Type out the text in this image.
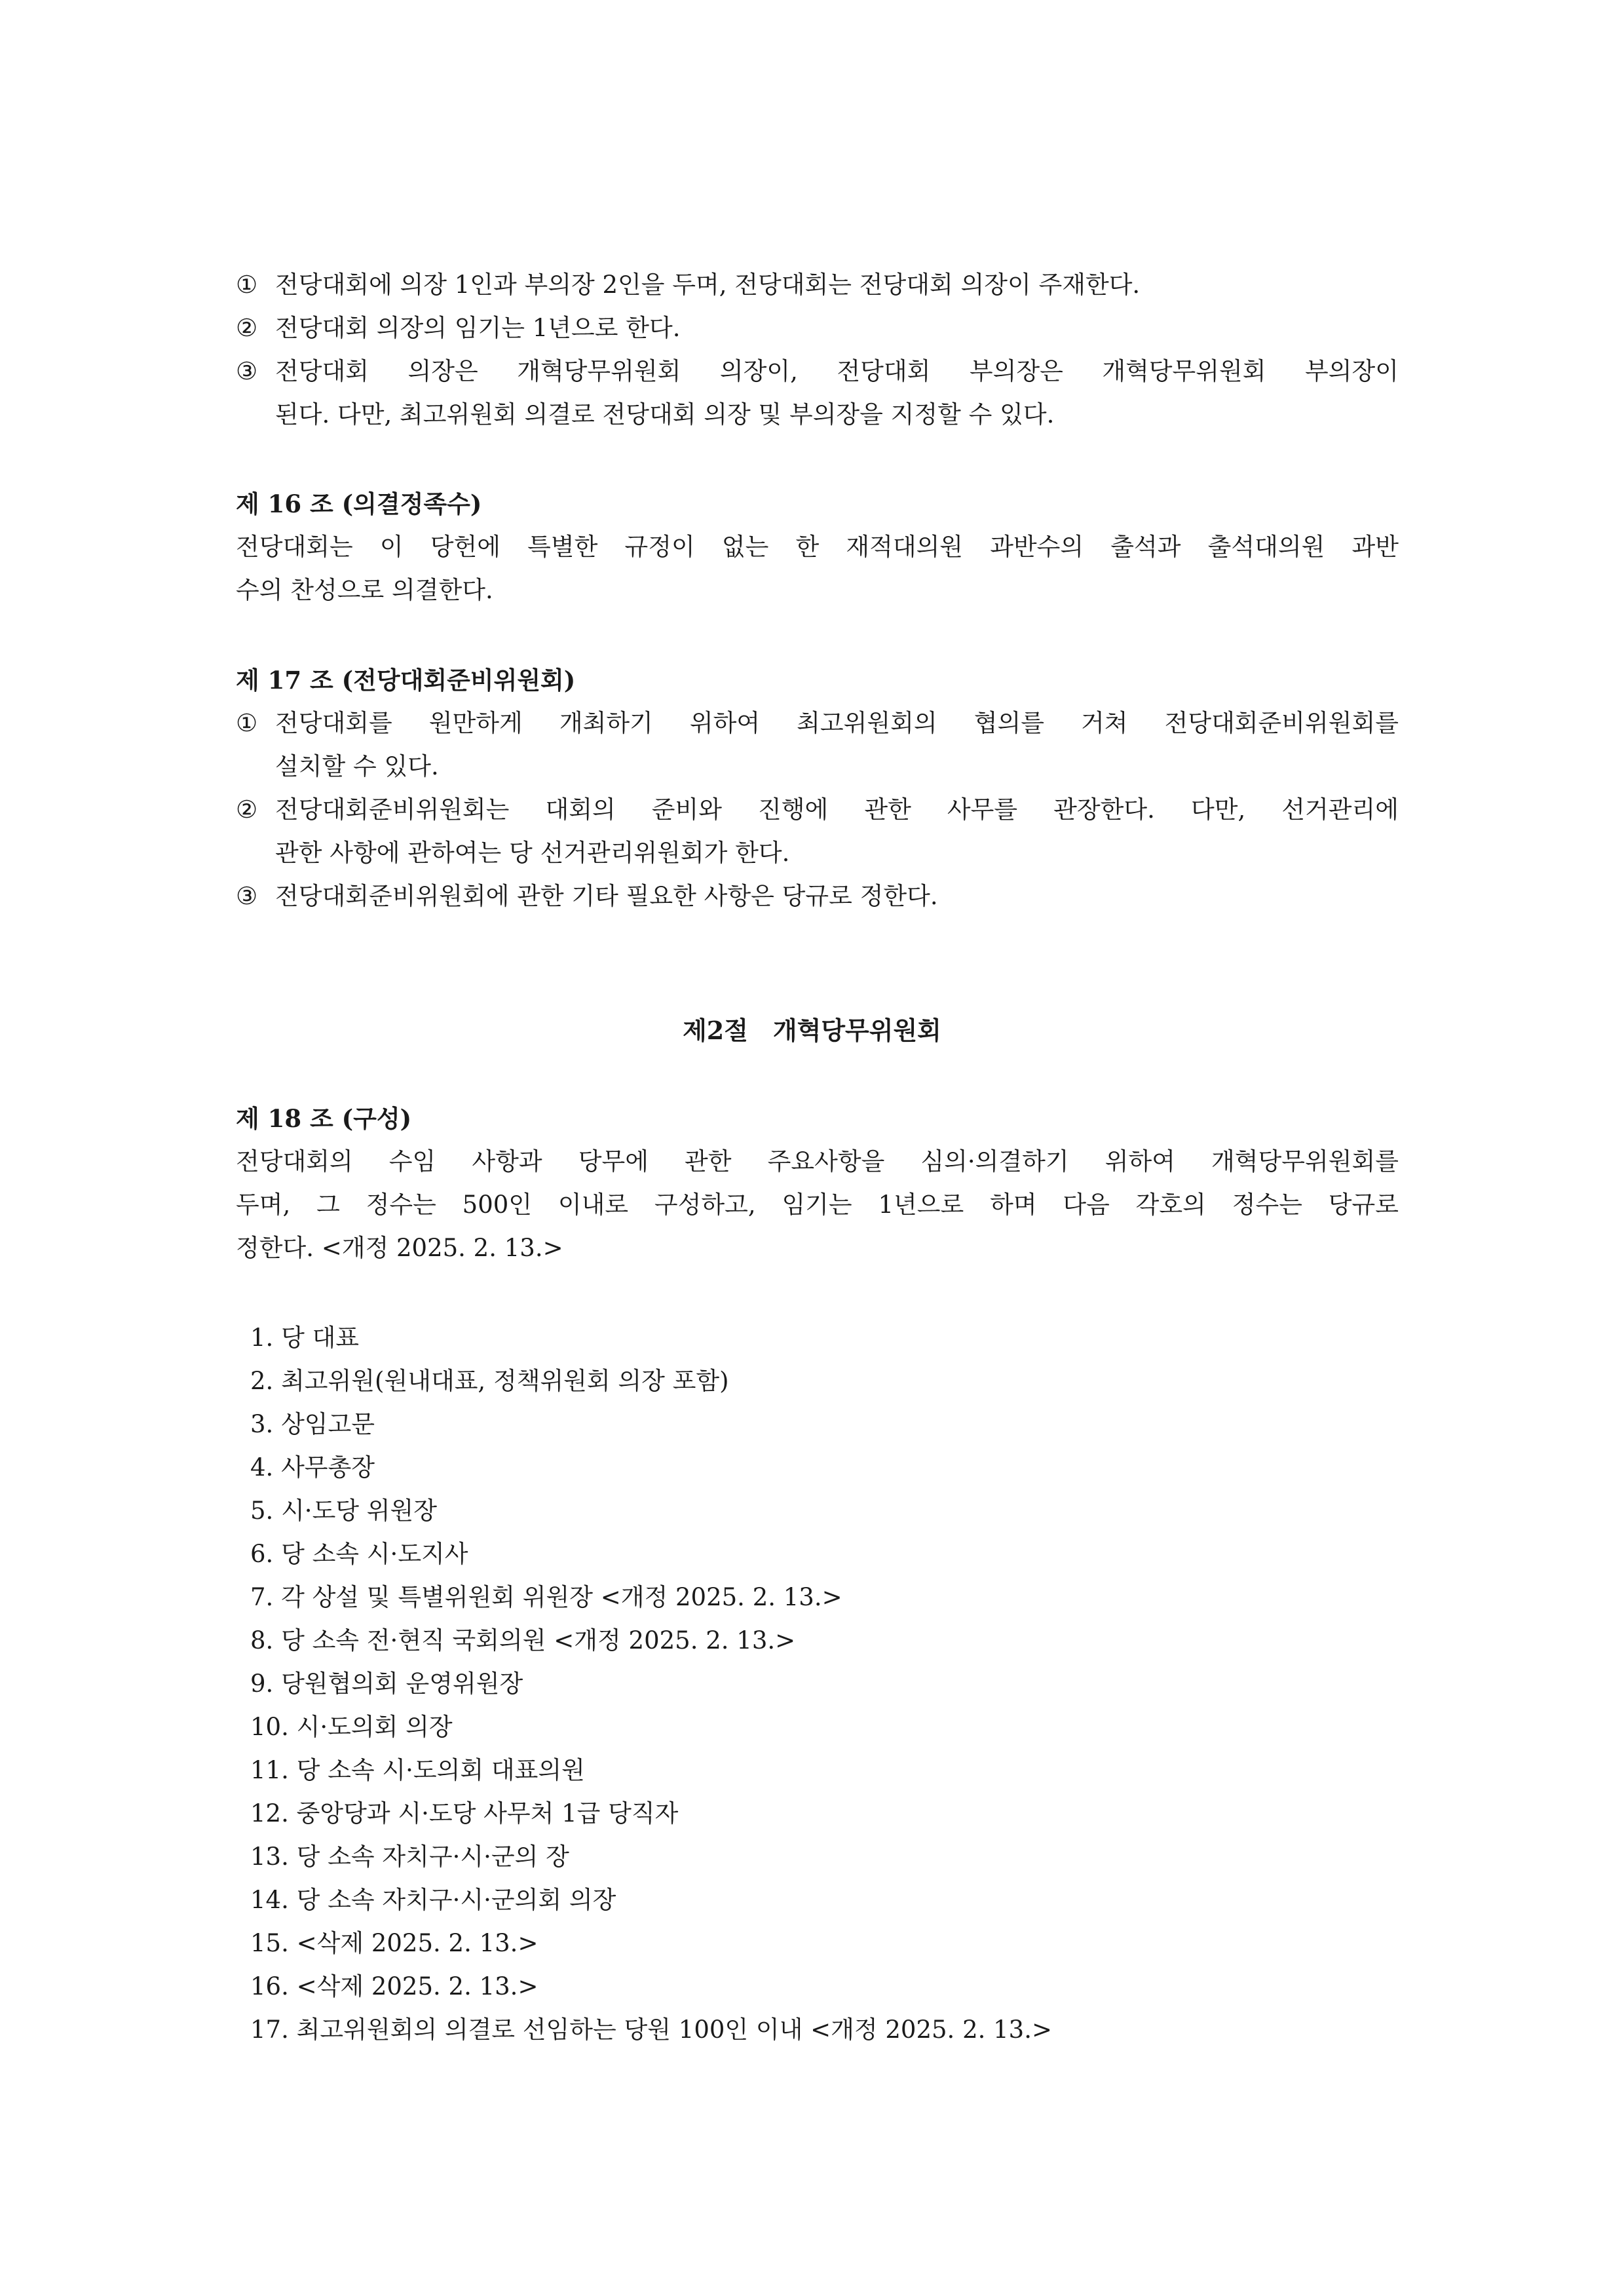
① 전당대회에 의장 1인과 부의장 2인을 두며, 전당대회는 전당대회 의장이 주재한다.
② 전당대회 의장의 임기는 1년으로 한다.
③ 전당대회 의장은 개혁당무위원회 의장이, 전당대회 부의장은 개혁당무위원회 부의장이
된다. 다만, 최고위원회 의결로 전당대회 의장 및 부의장을 지정할 수 있다.
제 16 조 (의결정족수)
전당대회는 이 당헌에 특별한 규정이 없는 한 재적대의원 과반수의 출석과 출석대의원 과반
수의 찬성으로 의결한다.
제 17 조 (전당대회준비위원회)
① 전당대회를 원만하게 개최하기 위하여 최고위원회의 협의를 거쳐 전당대회준비위원회를
설치할 수 있다.
② 전당대회준비위원회는 대회의 준비와 진행에 관한 사무를 관장한다. 다만, 선거관리에
관한 사항에 관하여는 당 선거관리위원회가 한다.
③ 전당대회준비위원회에 관한 기타 필요한 사항은 당규로 정한다.
제2절　개혁당무위원회
제 18 조 (구성)
전당대회의 수임 사항과 당무에 관한 주요사항을 심의·의결하기 위하여 개혁당무위원회를
두며, 그 정수는 500인 이내로 구성하고, 임기는 1년으로 하며 다음 각호의 정수는 당규로
정한다. <개정 2025. 2. 13.>
1. 당 대표
2. 최고위원(원내대표, 정책위원회 의장 포함)
3. 상임고문
4. 사무총장
5. 시·도당 위원장
6. 당 소속 시·도지사
7. 각 상설 및 특별위원회 위원장 <개정 2025. 2. 13.>
8. 당 소속 전·현직 국회의원 <개정 2025. 2. 13.>
9. 당원협의회 운영위원장
10. 시·도의회 의장
11. 당 소속 시·도의회 대표의원
12. 중앙당과 시·도당 사무처 1급 당직자
13. 당 소속 자치구·시·군의 장
14. 당 소속 자치구·시·군의회 의장
15. <삭제 2025. 2. 13.>
16. <삭제 2025. 2. 13.>
17. 최고위원회의 의결로 선임하는 당원 100인 이내 <개정 2025. 2. 13.>
